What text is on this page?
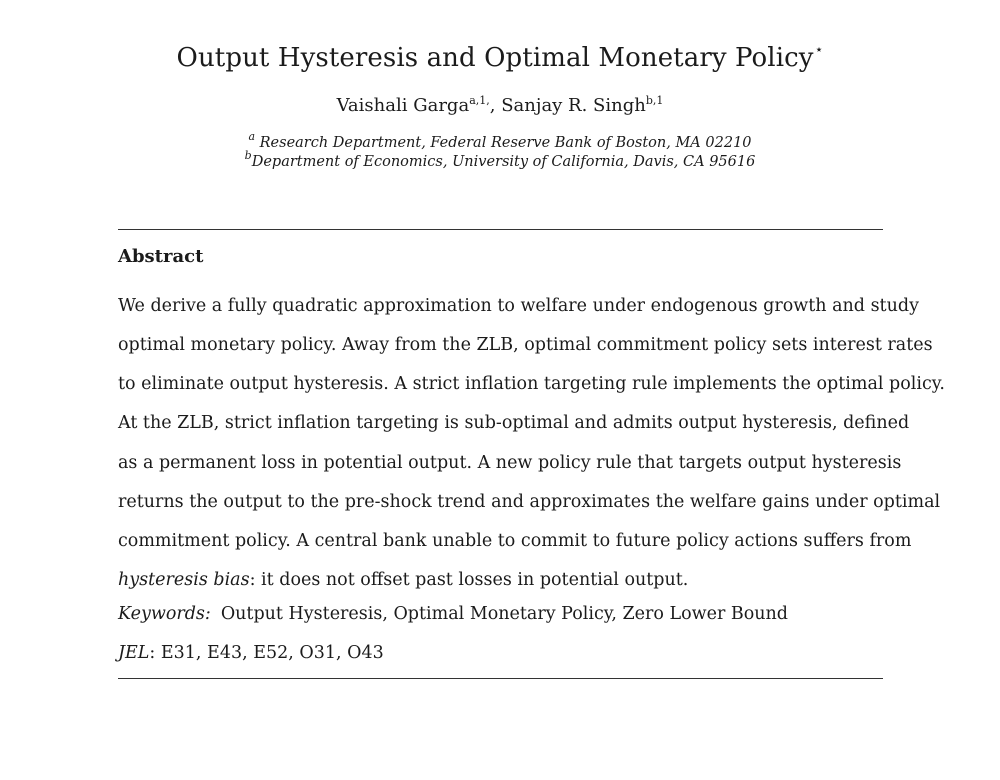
Output Hysteresis and Optimal Monetary Policy⋆
Vaishali Garga$^{a,1,}$, Sanjay R. Singh$^{b,1}$
$^a$ Research Department, Federal Reserve Bank of Boston, MA 02210
$^b$Department of Economics, University of California, Davis, CA 95616
Abstract
We derive a fully quadratic approximation to welfare under endogenous growth and study
optimal monetary policy. Away from the ZLB, optimal commitment policy sets interest rates
to eliminate output hysteresis. A strict inflation targeting rule implements the optimal policy.
At the ZLB, strict inflation targeting is sub-optimal and admits output hysteresis, defined
as a permanent loss in potential output. A new policy rule that targets output hysteresis
returns the output to the pre-shock trend and approximates the welfare gains under optimal
commitment policy. A central bank unable to commit to future policy actions suffers from
hysteresis bias: it does not offset past losses in potential output.
Keywords: Output Hysteresis, Optimal Monetary Policy, Zero Lower Bound
JEL: E31, E43, E52, O31, O43
